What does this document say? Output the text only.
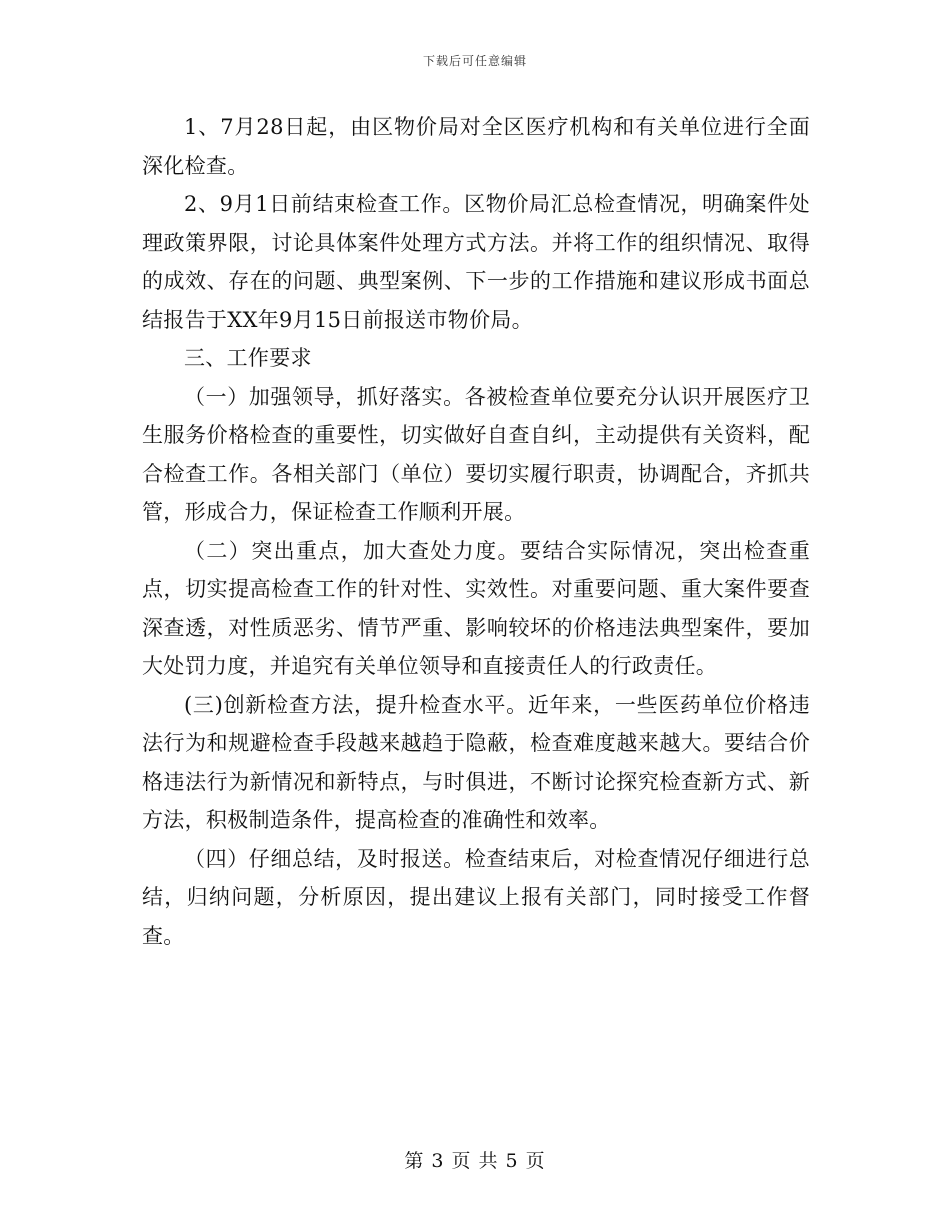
下载后可任意编辑

1、7月28日起，由区物价局对全区医疗机构和有关单位进行全面深化检查。

2、9月1日前结束检查工作。区物价局汇总检查情况，明确案件处理政策界限，讨论具体案件处理方式方法。并将工作的组织情况、取得的成效、存在的问题、典型案例、下一步的工作措施和建议形成书面总结报告于XX年9月15日前报送市物价局。

三、工作要求

（一）加强领导，抓好落实。各被检查单位要充分认识开展医疗卫生服务价格检查的重要性，切实做好自查自纠，主动提供有关资料，配合检查工作。各相关部门（单位）要切实履行职责，协调配合，齐抓共管，形成合力，保证检查工作顺利开展。

（二）突出重点，加大查处力度。要结合实际情况，突出检查重点，切实提高检查工作的针对性、实效性。对重要问题、重大案件要查深查透，对性质恶劣、情节严重、影响较坏的价格违法典型案件，要加大处罚力度，并追究有关单位领导和直接责任人的行政责任。

(三)创新检查方法，提升检查水平。近年来，一些医药单位价格违法行为和规避检查手段越来越趋于隐蔽，检查难度越来越大。要结合价格违法行为新情况和新特点，与时俱进，不断讨论探究检查新方式、新方法，积极制造条件，提高检查的准确性和效率。

（四）仔细总结，及时报送。检查结束后，对检查情况仔细进行总结，归纳问题，分析原因，提出建议上报有关部门，同时接受工作督查。

第 3 页 共 5 页
